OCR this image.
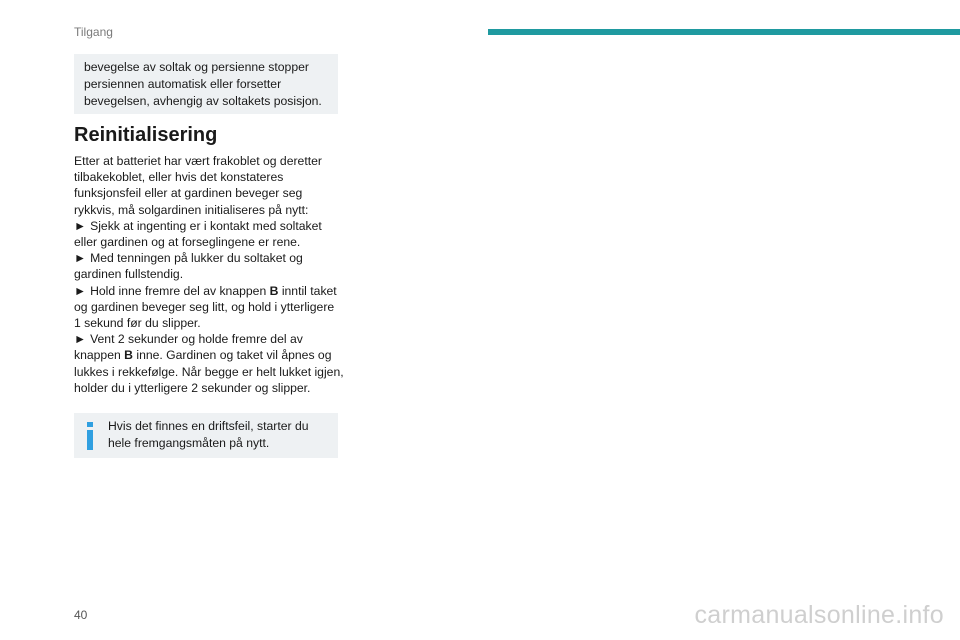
Tilgang
bevegelse av soltak og persienne stopper persiennen automatisk eller forsetter bevegelsen, avhengig av soltakets posisjon.
Reinitialisering

Etter at batteriet har vært frakoblet og deretter tilbakekoblet, eller hvis det konstateres funksjonsfeil eller at gardinen beveger seg rykkvis, må solgardinen initialiseres på nytt:

► Sjekk at ingenting er i kontakt med soltaket eller gardinen og at forseglingene er rene.

► Med tenningen på lukker du soltaket og gardinen fullstendig.

► Hold inne fremre del av knappen B inntil taket og gardinen beveger seg litt, og hold i ytterligere 1 sekund før du slipper.

► Vent 2 sekunder og holde fremre del av knappen B inne. Gardinen og taket vil åpnes og lukkes i rekkefølge. Når begge er helt lukket igjen, holder du i ytterligere 2 sekunder og slipper.

Hvis det finnes en driftsfeil, starter du hele fremgangsmåten på nytt.
40	carmanualsonline.info
